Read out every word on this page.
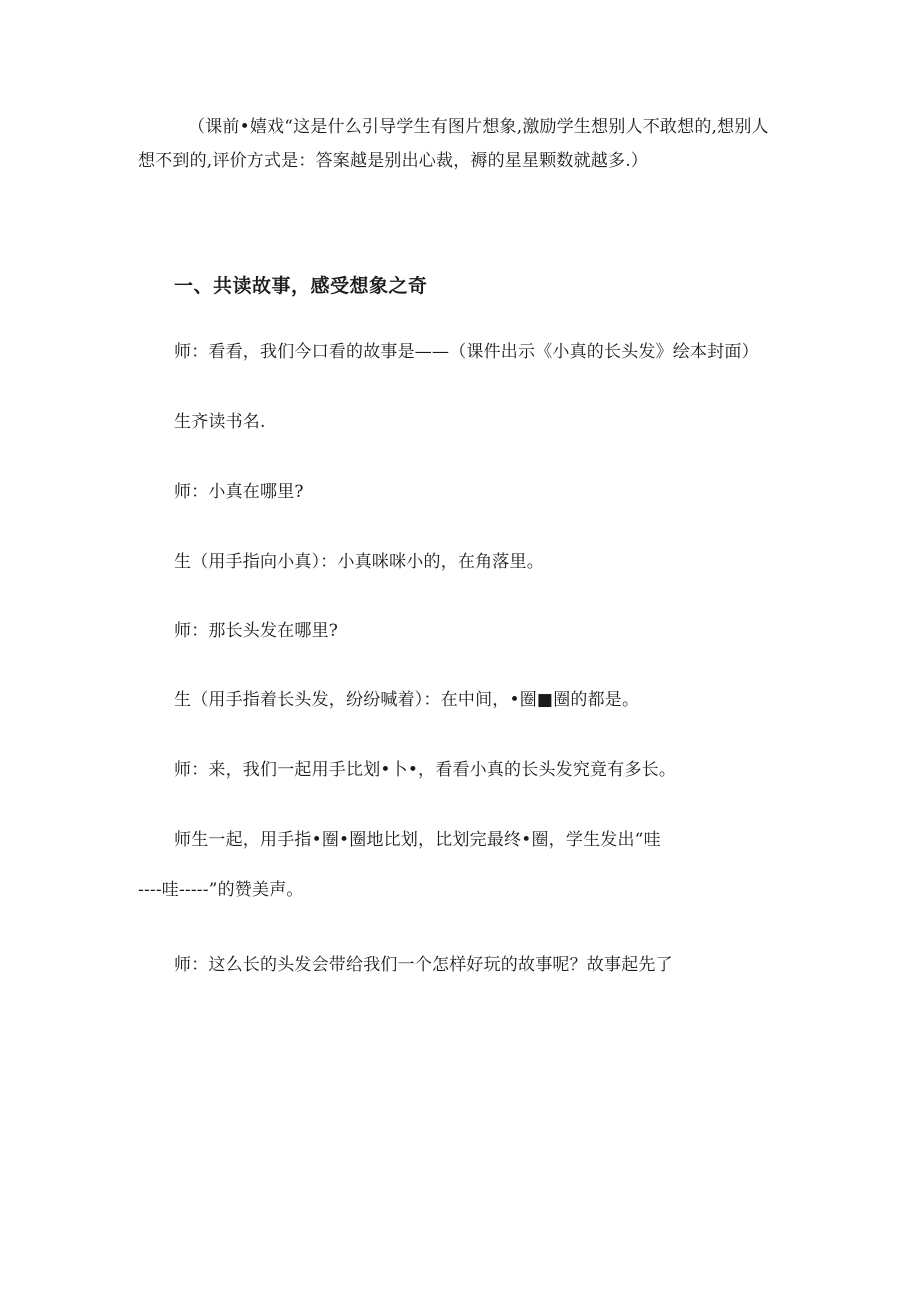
（课前•嬉戏“这是什么引导学生有图片想象,激励学生想别人不敢想的,想别人
想不到的,评价方式是：答案越是别出心裁，褥的星星颗数就越多.）
一、共读故事，感受想象之奇
师：看看，我们今口看的故事是——（课件出示《小真的长头发》绘本封面）
生齐读书名.
师：小真在哪里?
生（用手指向小真）：小真咪咪小的，在角落里。
师：那长头发在哪里?
生（用手指着长头发，纷纷喊着）：在中间，•圈■圈的都是。
师：来，我们一起用手比划•卜•，看看小真的长头发究竟有多长。
师生一起，用手指•圈•圈地比划，比划完最终•圈，学生发出“哇
----哇-----”的赞美声。
师：这么长的头发会带给我们一个怎样好玩的故事呢？故事起先了
